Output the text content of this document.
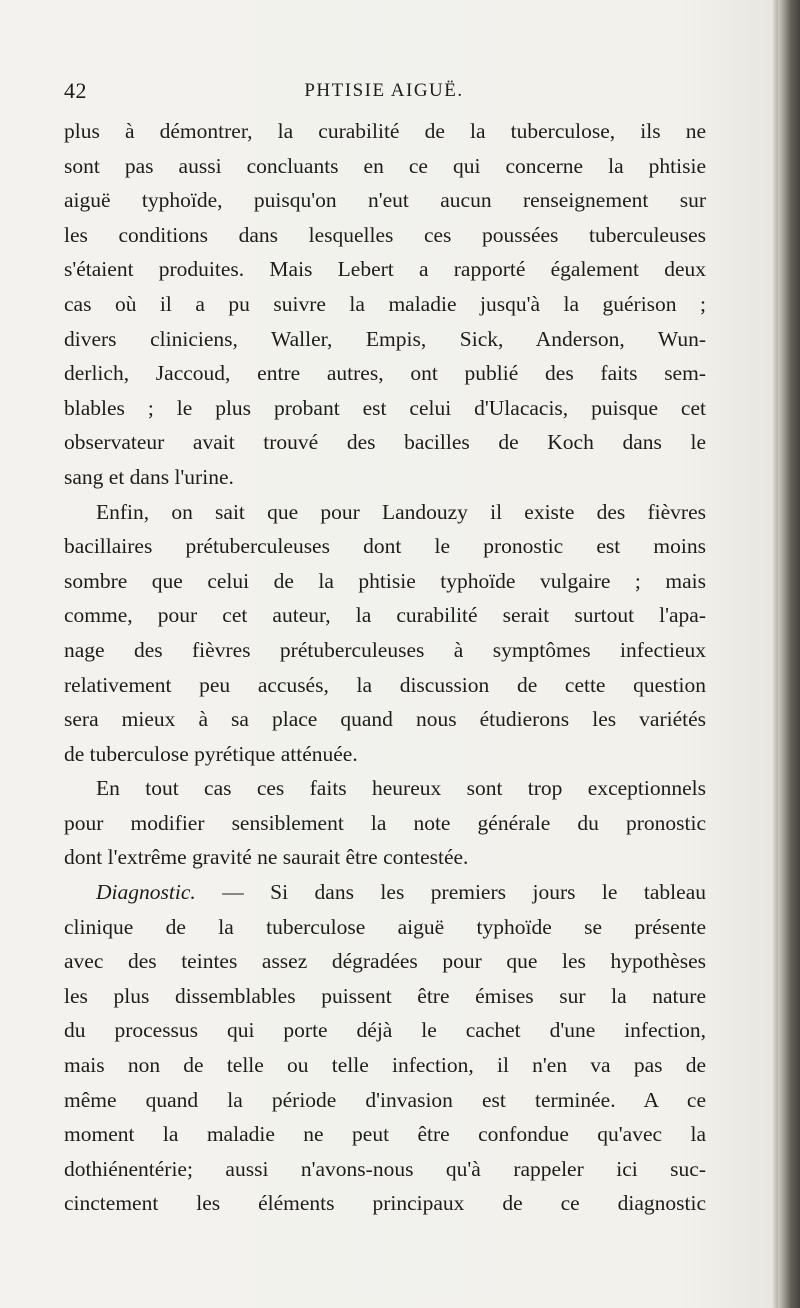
42	PHTISIE AIGUË.
plus à démontrer, la curabilité de la tuberculose, ils ne
sont pas aussi concluants en ce qui concerne la phtisie
aiguë typhoïde, puisqu'on n'eut aucun renseignement sur
les conditions dans lesquelles ces poussées tuberculeuses
s'étaient produites. Mais Lebert a rapporté également deux
cas où il a pu suivre la maladie jusqu'à la guérison ;
divers cliniciens, Waller, Empis, Sick, Anderson, Wun-
derlich, Jaccoud, entre autres, ont publié des faits sem-
blables ; le plus probant est celui d'Ulacacis, puisque cet
observateur avait trouvé des bacilles de Koch dans le
sang et dans l'urine.
Enfin, on sait que pour Landouzy il existe des fièvres
bacillaires prétuberculeuses dont le pronostic est moins
sombre que celui de la phtisie typhoïde vulgaire ; mais
comme, pour cet auteur, la curabilité serait surtout l'apa-
nage des fièvres prétuberculeuses à symptômes infectieux
relativement peu accusés, la discussion de cette question
sera mieux à sa place quand nous étudierons les variétés
de tuberculose pyrétique atténuée.
En tout cas ces faits heureux sont trop exceptionnels
pour modifier sensiblement la note générale du pronostic
dont l'extrême gravité ne saurait être contestée.
Diagnostic. — Si dans les premiers jours le tableau
clinique de la tuberculose aiguë typhoïde se présente
avec des teintes assez dégradées pour que les hypothèses
les plus dissemblables puissent être émises sur la nature
du processus qui porte déjà le cachet d'une infection,
mais non de telle ou telle infection, il n'en va pas de
même quand la période d'invasion est terminée. A ce
moment la maladie ne peut être confondue qu'avec la
dothiénentérie; aussi n'avons-nous qu'à rappeler ici suc-
cinctement les éléments principaux de ce diagnostic
